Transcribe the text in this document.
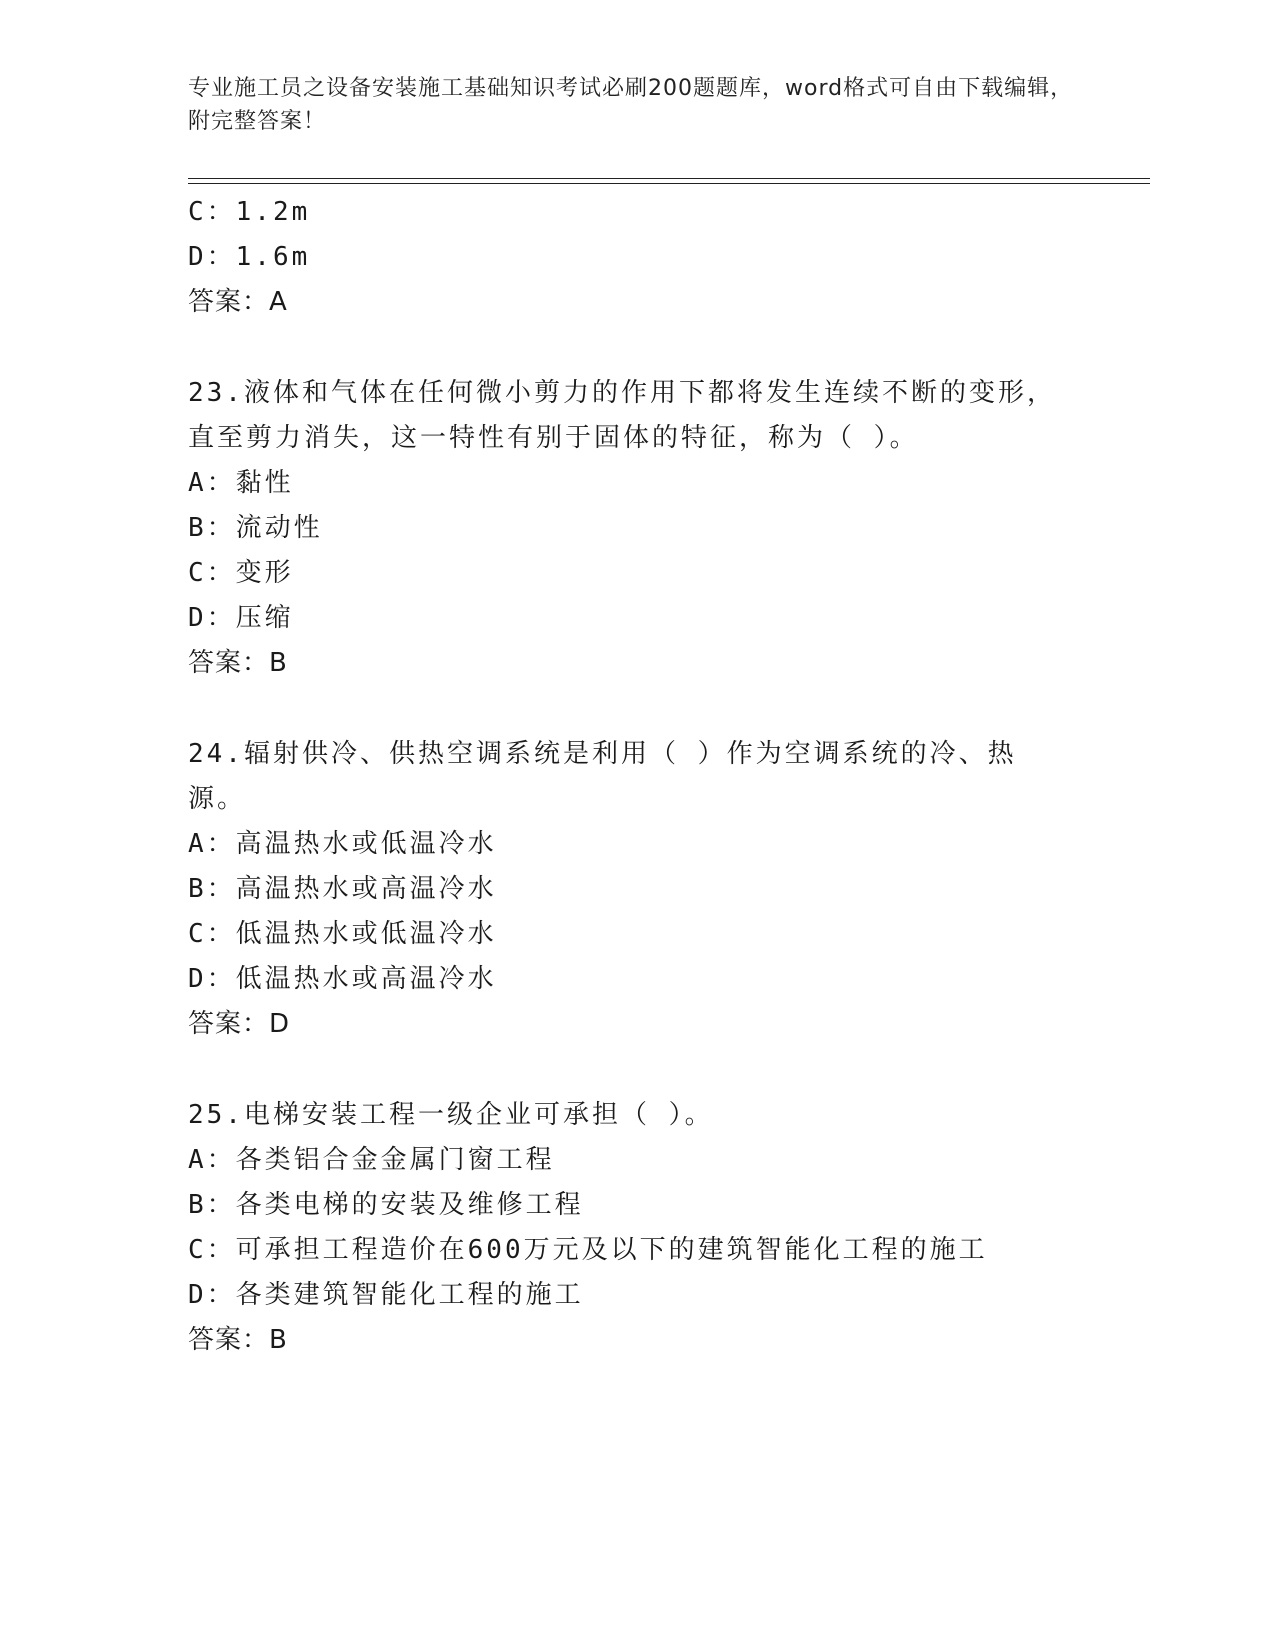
专业施工员之设备安装施工基础知识考试必刷200题题库，word格式可自由下载编辑，附完整答案！
C：1.2m
D：1.6m
答案：A
23.液体和气体在任何微小剪力的作用下都将发生连续不断的变形，直至剪力消失，这一特性有别于固体的特征，称为（ ）。
A：黏性
B：流动性
C：变形
D：压缩
答案：B
24.辐射供冷、供热空调系统是利用（ ）作为空调系统的冷、热源。
A：高温热水或低温冷水
B：高温热水或高温冷水
C：低温热水或低温冷水
D：低温热水或高温冷水
答案：D
25.电梯安装工程一级企业可承担（ ）。
A：各类铝合金金属门窗工程
B：各类电梯的安装及维修工程
C：可承担工程造价在600万元及以下的建筑智能化工程的施工
D：各类建筑智能化工程的施工
答案：B
